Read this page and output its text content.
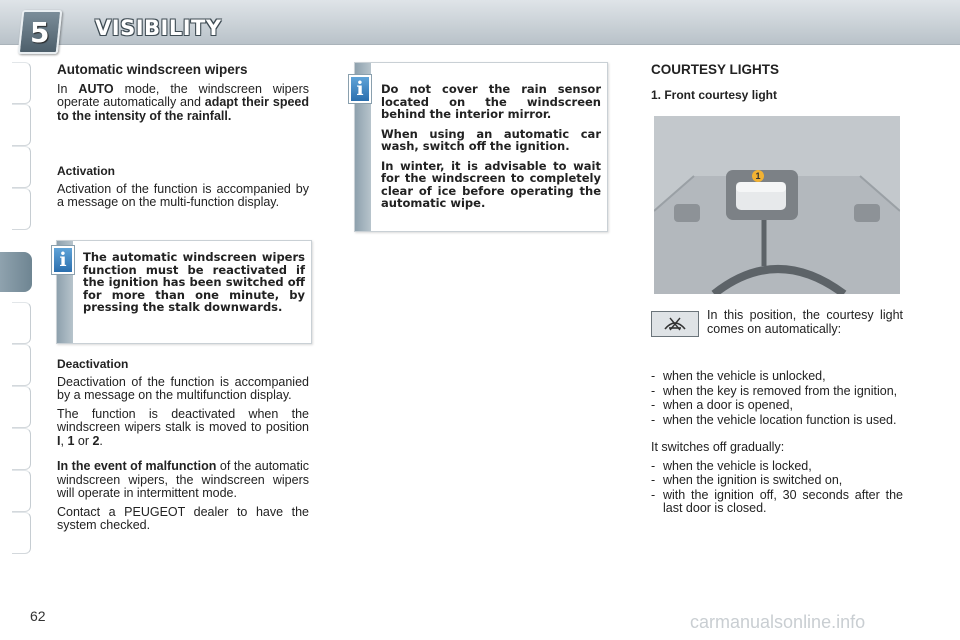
5 VISIBILITY
Automatic windscreen wipers

In AUTO mode, the windscreen wipers operate automatically and adapt their speed to the intensity of the rainfall.

Activation

Activation of the function is accompanied by a message on the multi-function display.

The automatic windscreen wipers function must be reactivated if the ignition has been switched off for more than one minute, by pressing the stalk downwards.

i
Deactivation

Deactivation of the function is accompanied by a message on the multifunction display.

The function is deactivated when the windscreen wipers stalk is moved to position I, 1 or 2.

In the event of malfunction of the automatic windscreen wipers, the windscreen wipers will operate in intermittent mode.

Contact a PEUGEOT dealer to have the system checked.

Do not cover the rain sensor located on the windscreen behind the interior mirror.

When using an automatic car wash, switch off the ignition.

In winter, it is advisable to wait for the windscreen to completely clear of ice before operating the automatic wipe.

i
COURTESY LIGHTS
1. Front courtesy light
1

In this position, the courtesy light comes on automatically:

- when the vehicle is unlocked,
- when the key is removed from the ignition,
- when a door is opened,
- when the vehicle location function is used.

It switches off gradually:

- when the vehicle is locked,
- when the ignition is switched on,
- with the ignition off, 30 seconds after the last door is closed.
62	carmanualsonline.info
